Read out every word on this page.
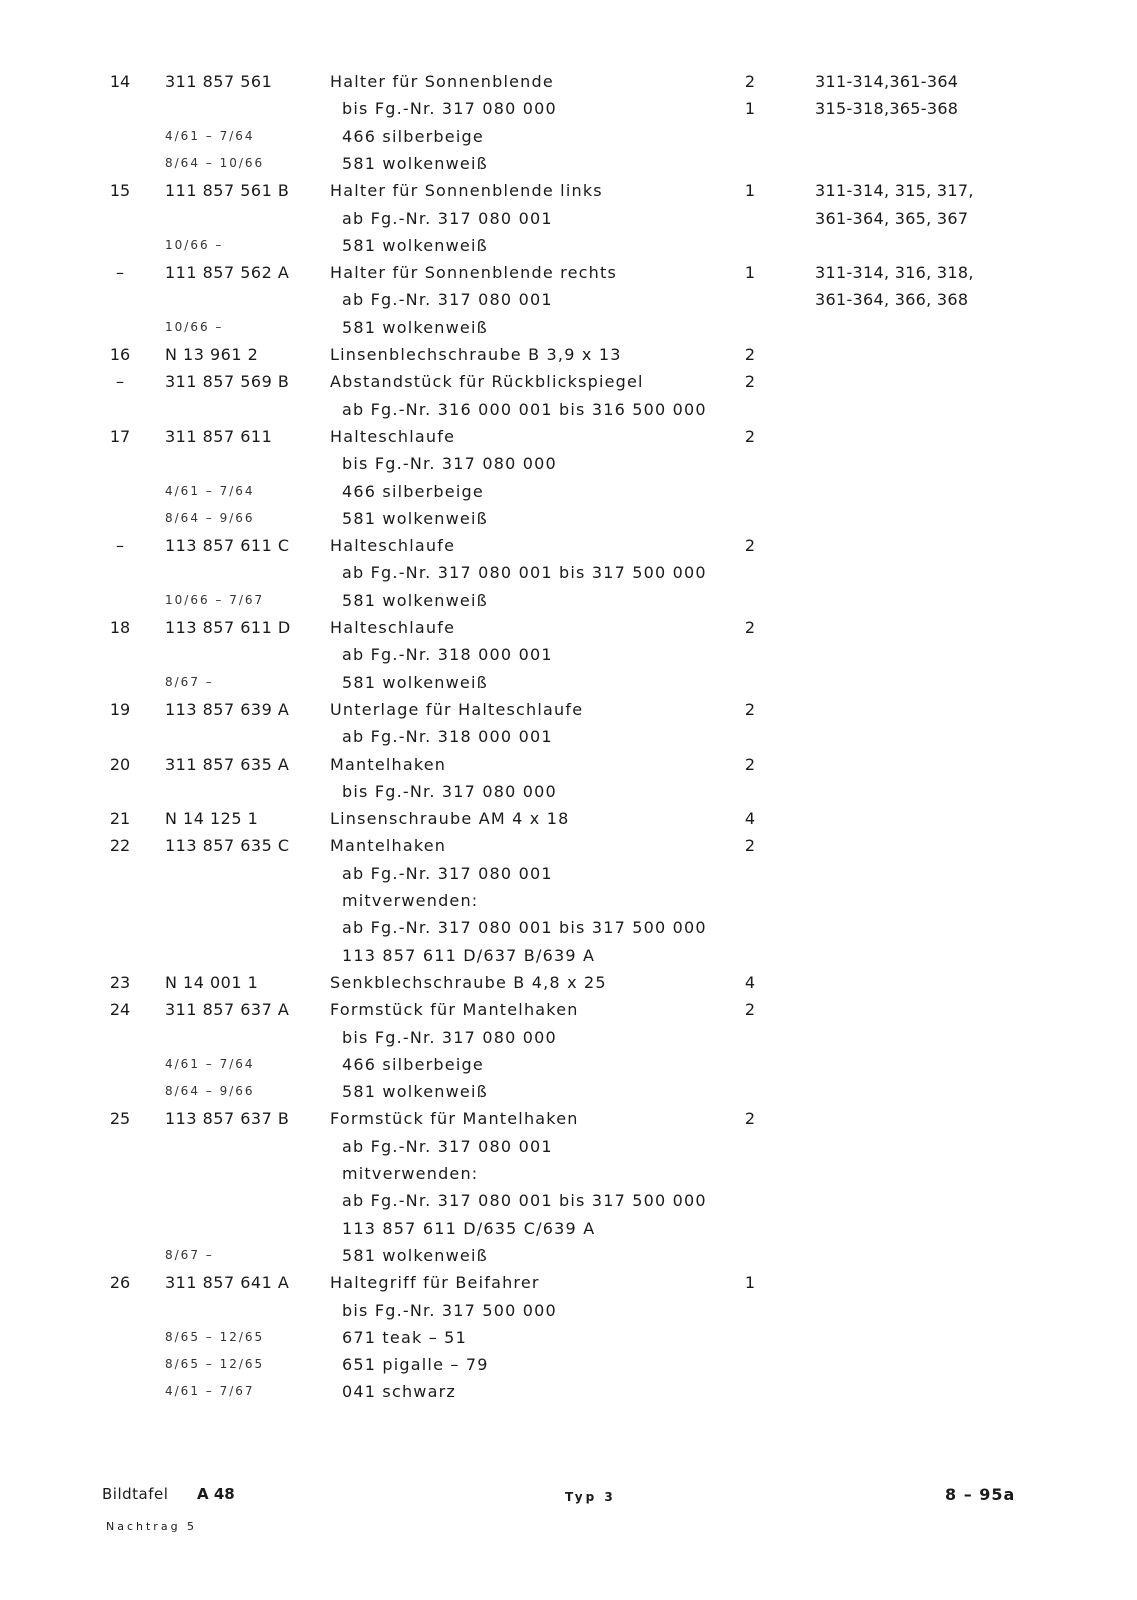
14	311 857 561	Halter für Sonnenblende	2	311-314,361-364
bis Fg.-Nr. 317 080 000	1	315-318,365-368
4/61 – 7/64	466 silberbeige
8/64 – 10/66	581 wolkenweiß
15	111 857 561 B	Halter für Sonnenblende links	1	311-314, 315, 317,
ab Fg.-Nr. 317 080 001	361-364, 365, 367
10/66 –	581 wolkenweiß
–	111 857 562 A	Halter für Sonnenblende rechts	1	311-314, 316, 318,
ab Fg.-Nr. 317 080 001	361-364, 366, 368
10/66 –	581 wolkenweiß
16	N 13 961 2	Linsenblechschraube B 3,9 x 13	2
–	311 857 569 B	Abstandstück für Rückblickspiegel	2
ab Fg.-Nr. 316 000 001 bis 316 500 000
17	311 857 611	Halteschlaufe	2
bis Fg.-Nr. 317 080 000
4/61 – 7/64	466 silberbeige
8/64 – 9/66	581 wolkenweiß
–	113 857 611 C	Halteschlaufe	2
ab Fg.-Nr. 317 080 001 bis 317 500 000
10/66 – 7/67	581 wolkenweiß
18	113 857 611 D Halteschlaufe	2
ab Fg.-Nr. 318 000 001
8/67 –	581 wolkenweiß
19	113 857 639 A	Unterlage für Halteschlaufe	2
ab Fg.-Nr. 318 000 001
20	311 857 635 A	Mantelhaken	2
bis Fg.-Nr. 317 080 000
21	N 14 125 1	Linsenschraube AM 4 x 18	4
22	113 857 635 C	Mantelhaken	2
ab Fg.-Nr. 317 080 001
mitverwenden:
ab Fg.-Nr. 317 080 001 bis 317 500 000
113 857 611 D/637 B/639 A
23	N 14 001 1	Senkblechschraube B 4,8 x 25	4
24	311 857 637 A	Formstück für Mantelhaken	2
bis Fg.-Nr. 317 080 000
4/61 – 7/64	466 silberbeige
8/64 – 9/66	581 wolkenweiß
25	113 857 637 B	Formstück für Mantelhaken	2
ab Fg.-Nr. 317 080 001
mitverwenden:
ab Fg.-Nr. 317 080 001 bis 317 500 000
113 857 611 D/635 C/639 A
8/67 –	581 wolkenweiß
26	311 857 641 A	Haltegriff für Beifahrer	1
bis Fg.-Nr. 317 500 000
8/65 – 12/65	671 teak – 51
8/65 – 12/65	651 pigalle – 79
4/61 – 7/67	041 schwarz
Bildtafel A 48
Nachtrag 5
Typ 3	8 – 95a
